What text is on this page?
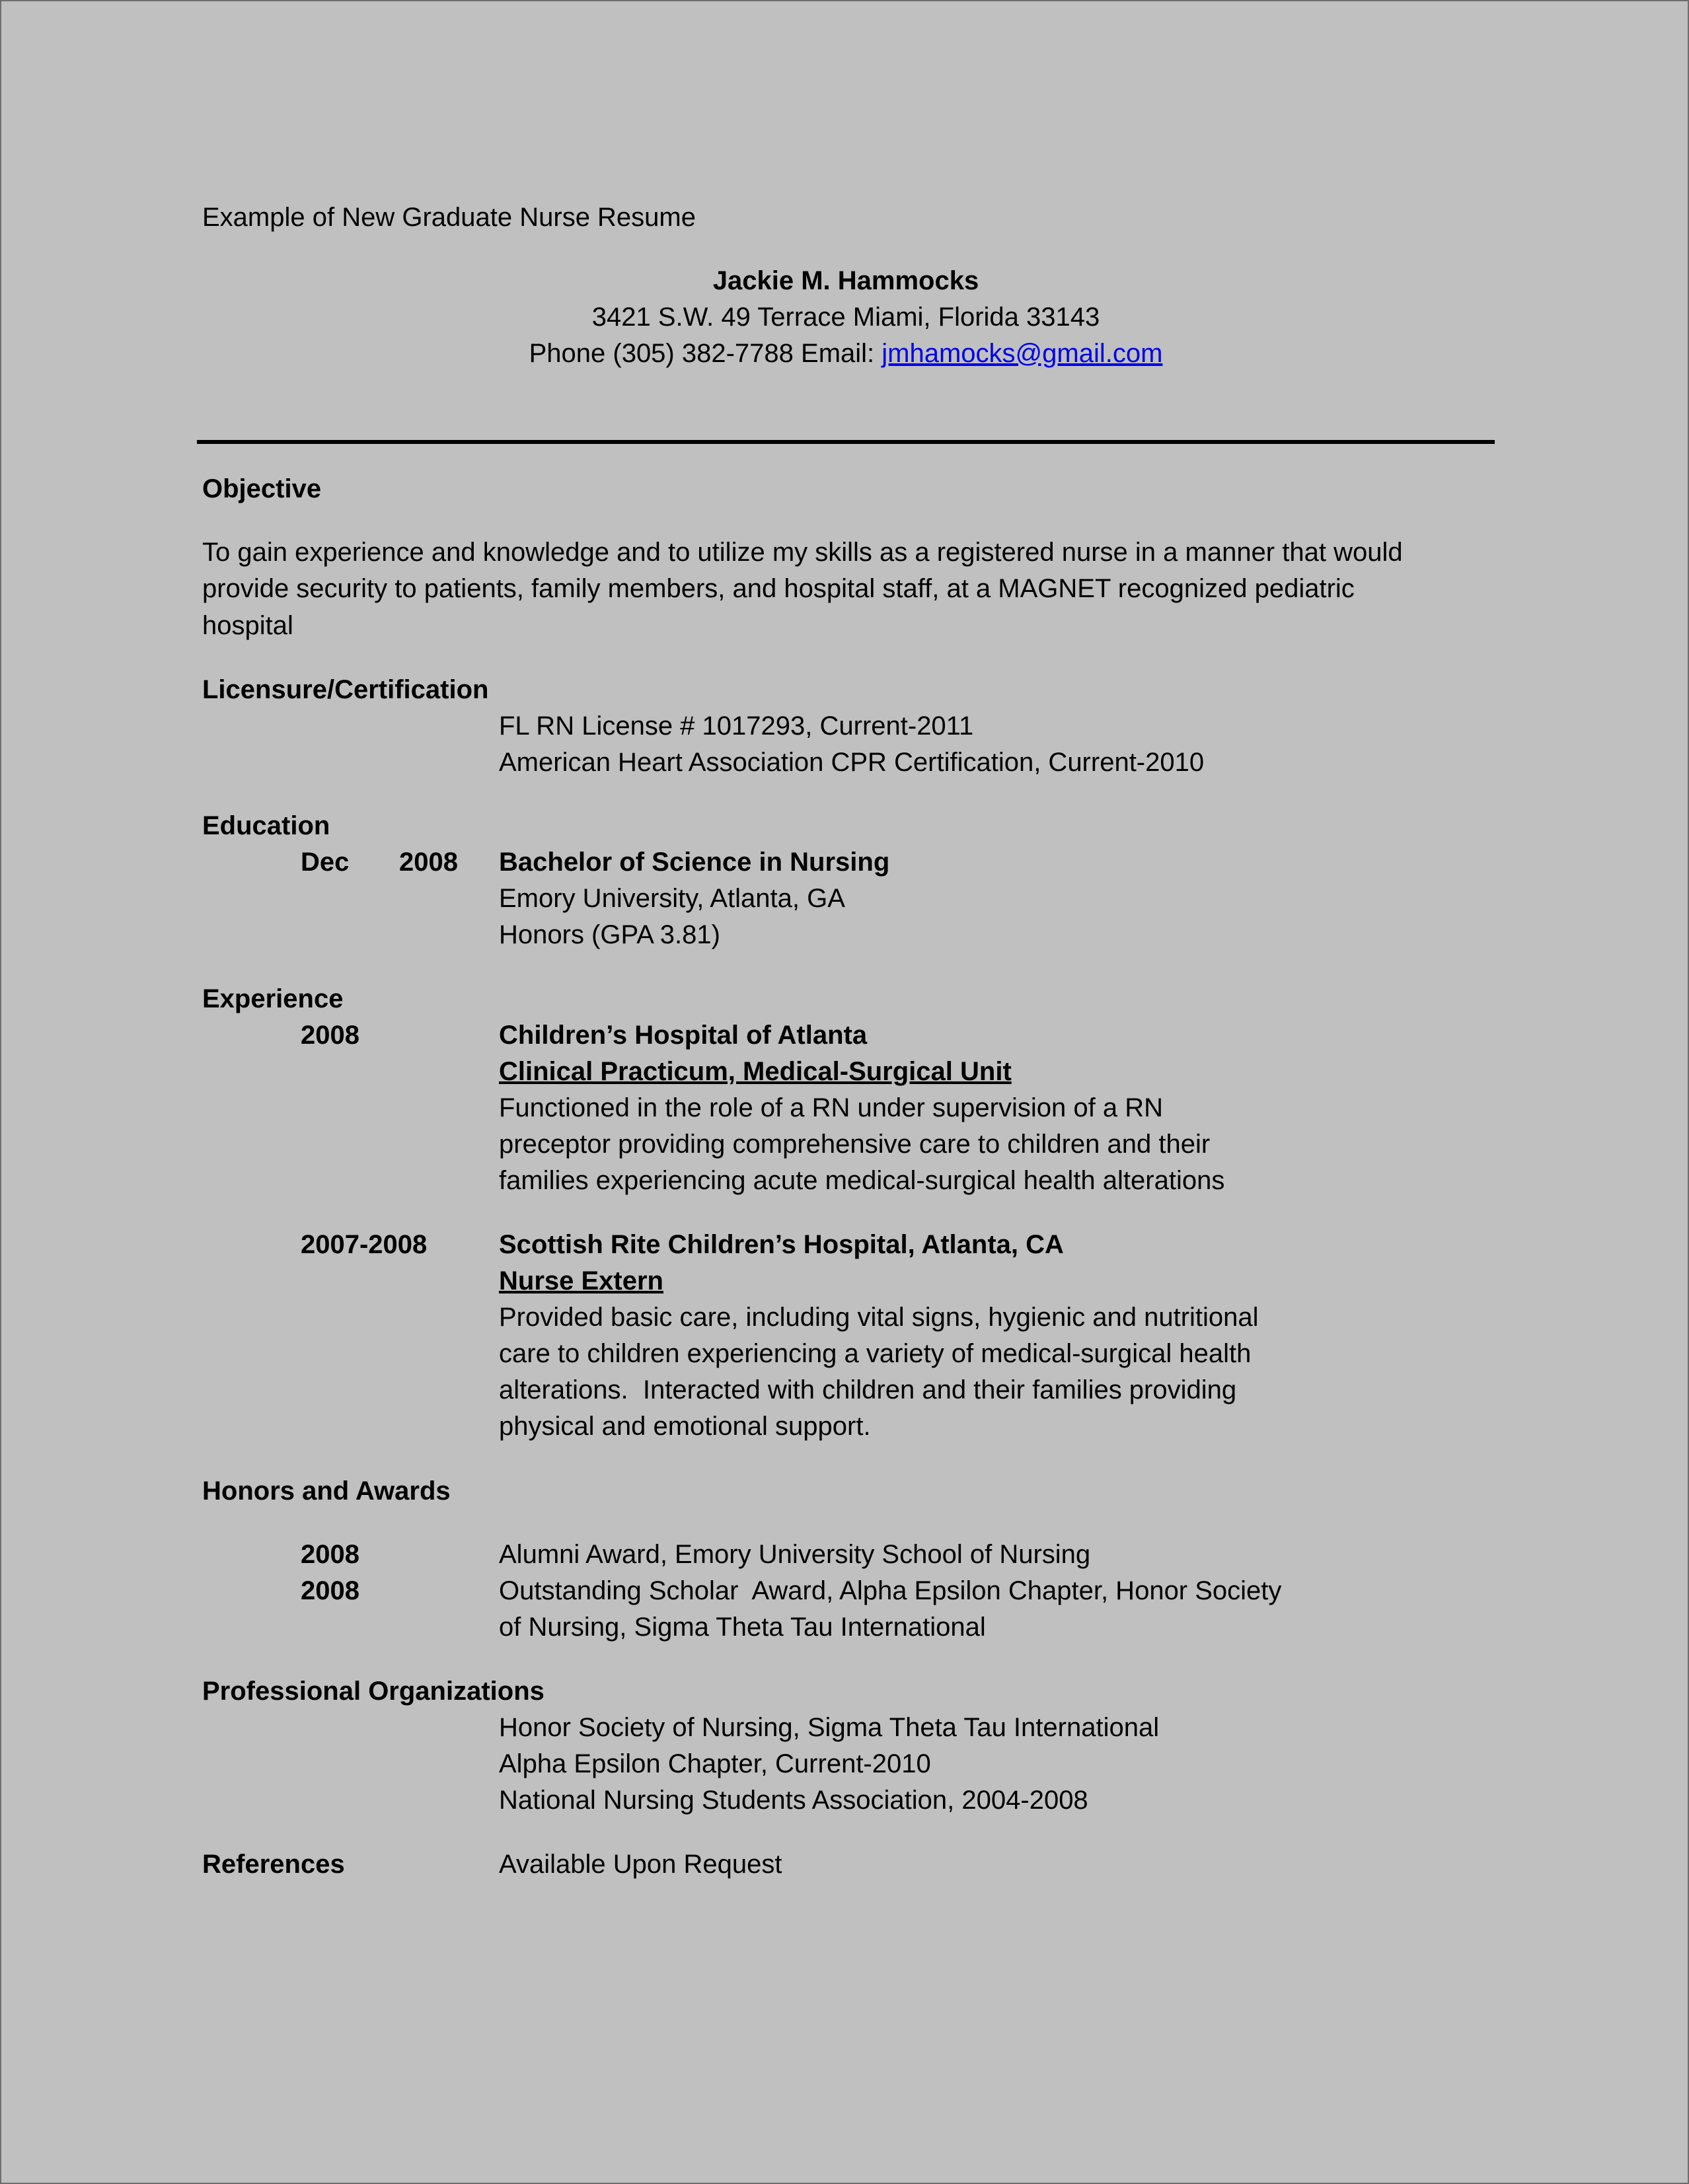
Example of New Graduate Nurse Resume
Jackie M. Hammocks
3421 S.W. 49 Terrace Miami, Florida 33143
Phone (305) 382-7788 Email: jmhamocks@gmail.com
Objective
To gain experience and knowledge and to utilize my skills as a registered nurse in a manner that would
provide security to patients, family members, and hospital staff, at a MAGNET recognized pediatric
hospital
Licensure/Certification
FL RN License # 1017293, Current-2011
American Heart Association CPR Certification, Current-2010
Education
Dec 2008 Bachelor of Science in Nursing
Emory University, Atlanta, GA
Honors (GPA 3.81)
Experience
2008	Children’s Hospital of Atlanta
Clinical Practicum, Medical-Surgical Unit
Functioned in the role of a RN under supervision of a RN
preceptor providing comprehensive care to children and their
families experiencing acute medical-surgical health alterations
2007-2008	Scottish Rite Children’s Hospital, Atlanta, CA
Nurse Extern
Provided basic care, including vital signs, hygienic and nutritional
care to children experiencing a variety of medical-surgical health
alterations.  Interacted with children and their families providing
physical and emotional support.
Honors and Awards
2008	Alumni Award, Emory University School of Nursing
2008	Outstanding Scholar  Award, Alpha Epsilon Chapter, Honor Society
of Nursing, Sigma Theta Tau International
Professional Organizations
Honor Society of Nursing, Sigma Theta Tau International
Alpha Epsilon Chapter, Current-2010
National Nursing Students Association, 2004-2008
References	Available Upon Request
